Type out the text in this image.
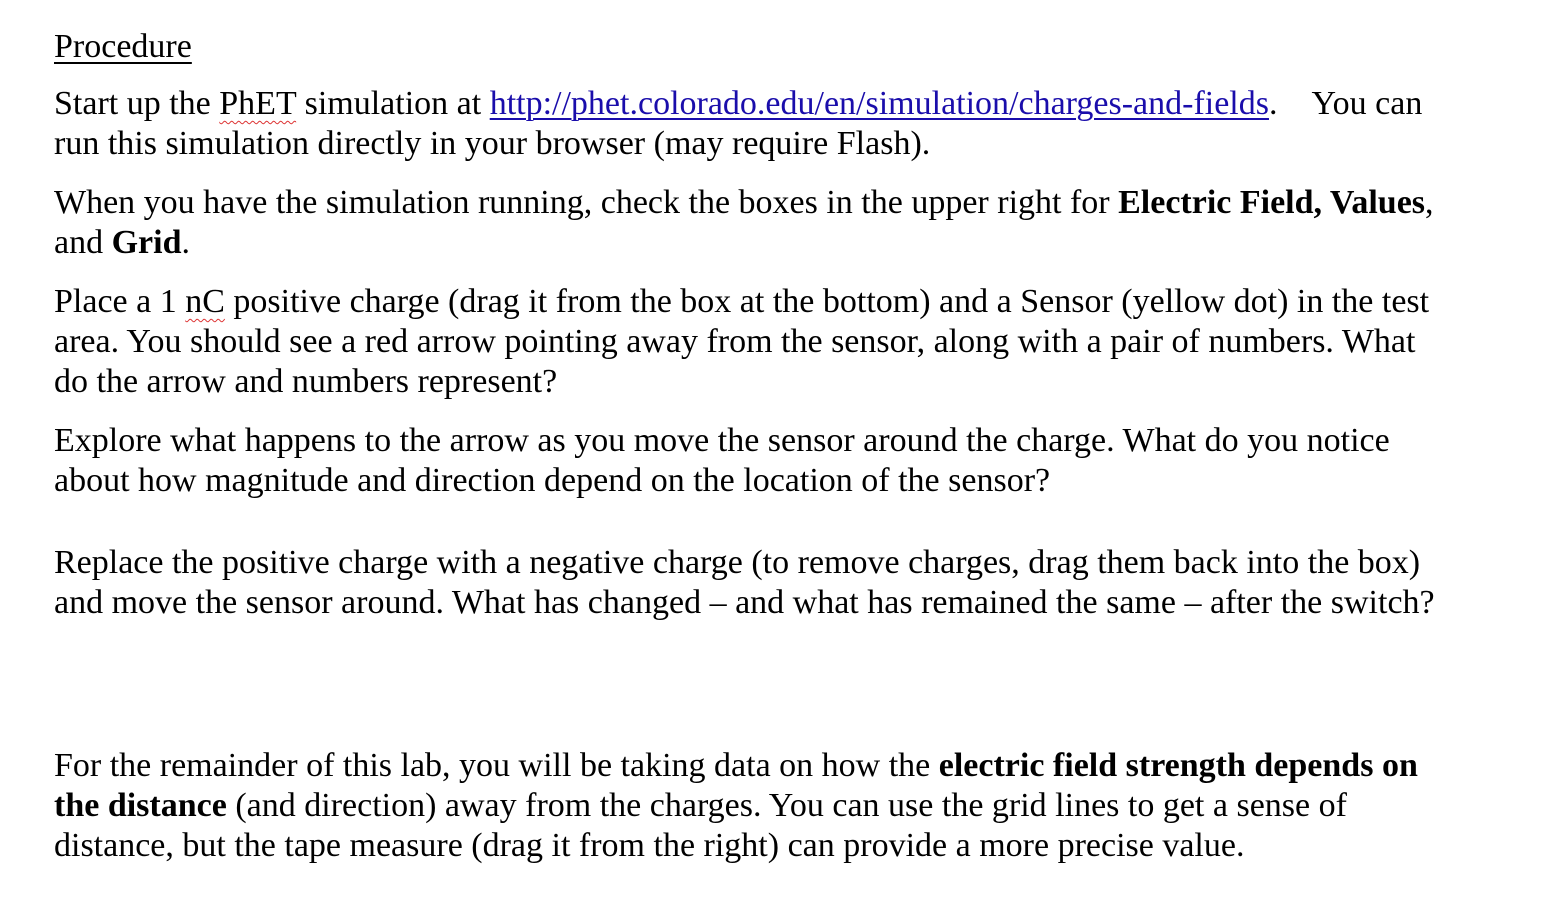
Procedure
Start up the PhET simulation at http://phet.colorado.edu/en/simulation/charges-and-fields. You can
run this simulation directly in your browser (may require Flash).
When you have the simulation running, check the boxes in the upper right for Electric Field, Values,
and Grid.
Place a 1 nC positive charge (drag it from the box at the bottom) and a Sensor (yellow dot) in the test
area. You should see a red arrow pointing away from the sensor, along with a pair of numbers. What
do the arrow and numbers represent?
Explore what happens to the arrow as you move the sensor around the charge. What do you notice
about how magnitude and direction depend on the location of the sensor?
Replace the positive charge with a negative charge (to remove charges, drag them back into the box)
and move the sensor around. What has changed – and what has remained the same – after the switch?
For the remainder of this lab, you will be taking data on how the electric field strength depends on
the distance (and direction) away from the charges. You can use the grid lines to get a sense of
distance, but the tape measure (drag it from the right) can provide a more precise value.
